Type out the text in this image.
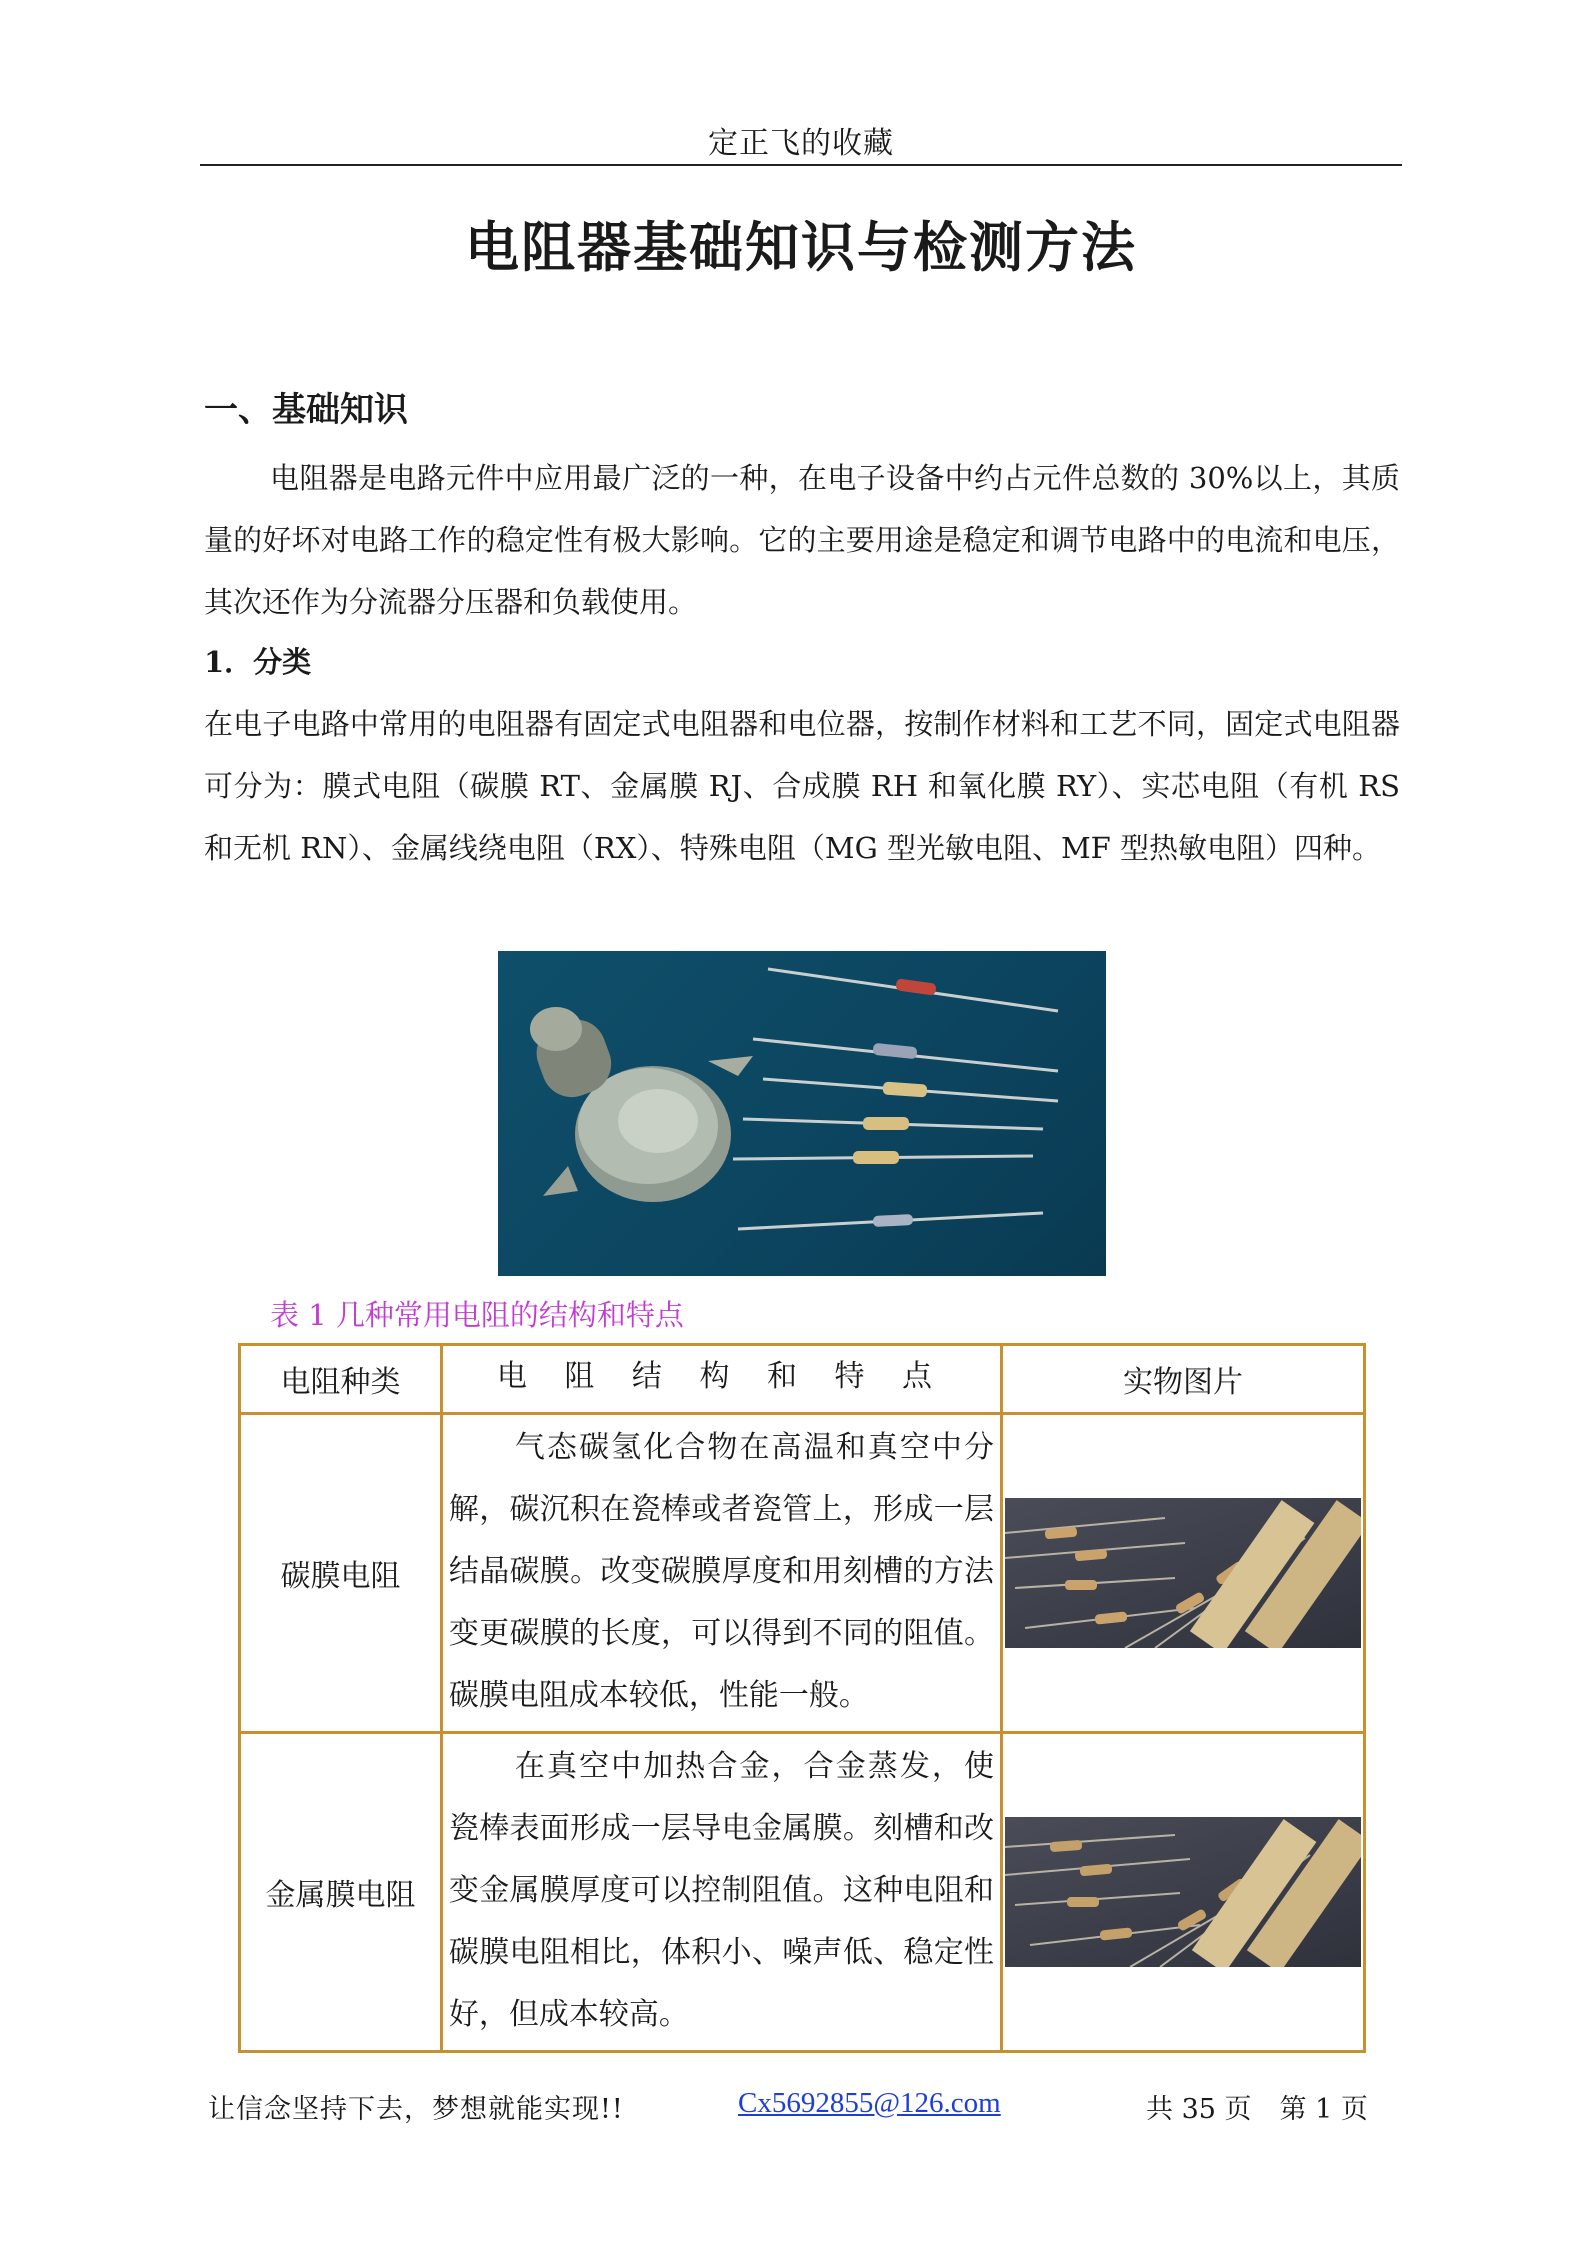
定正飞的收藏
电阻器基础知识与检测方法
一、基础知识

电阻器是电路元件中应用最广泛的一种，在电子设备中约占元件总数的 30%以上，其质量的好坏对电路工作的稳定性有极大影响。它的主要用途是稳定和调节电路中的电流和电压，其次还作为分流器分压器和负载使用。

1．分类

在电子电路中常用的电阻器有固定式电阻器和电位器，按制作材料和工艺不同，固定式电阻器可分为：膜式电阻（碳膜 RT、金属膜 RJ、合成膜 RH 和氧化膜 RY）、实芯电阻（有机 RS 和无机 RN）、金属线绕电阻（RX）、特殊电阻（MG 型光敏电阻、MF 型热敏电阻）四种。

表 1 几种常用电阻的结构和特点
电阻种类	电 阻 结 构 和 特 点	实物图片
碳膜电阻	气态碳氢化合物在高温和真空中分解，碳沉积在瓷棒或者瓷管上，形成一层结晶碳膜。改变碳膜厚度和用刻槽的方法变更碳膜的长度，可以得到不同的阻值。碳膜电阻成本较低，性能一般。

金属膜电阻	在真空中加热合金，合金蒸发，使瓷棒表面形成一层导电金属膜。刻槽和改变金属膜厚度可以控制阻值。这种电阻和碳膜电阻相比，体积小、噪声低、稳定性好，但成本较高。

让信念坚持下去，梦想就能实现!!	Cx5692855@126.com	共 35 页 第 1 页
